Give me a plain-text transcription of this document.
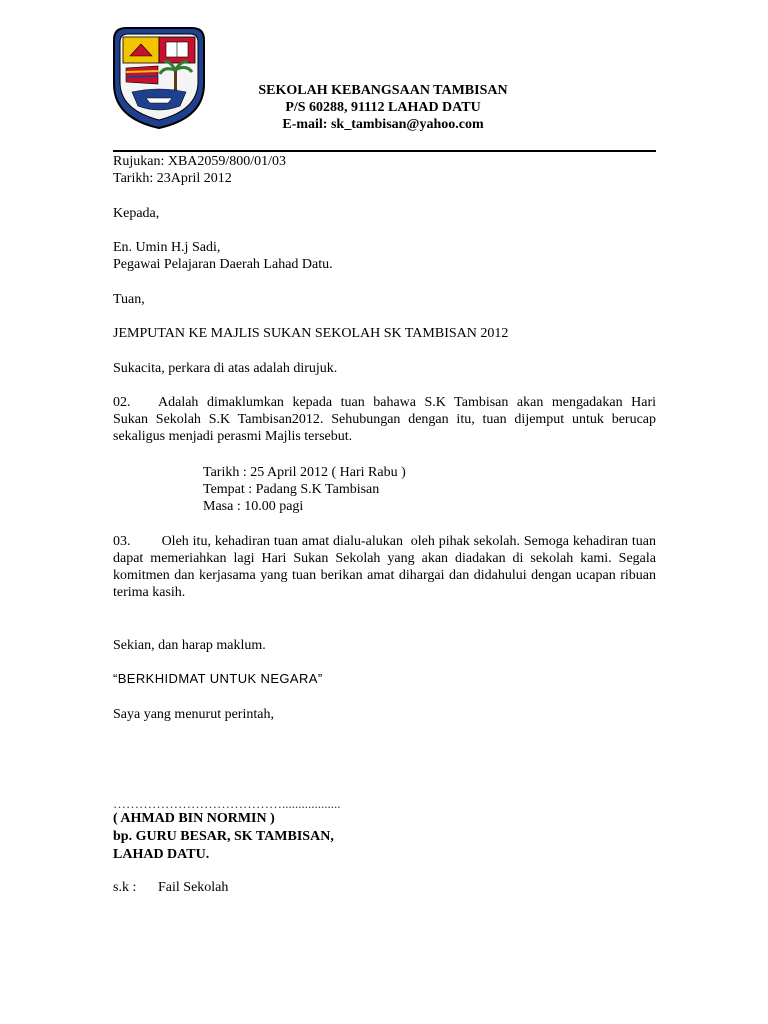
SEKOLAH KEBANGSAAN TAMBISAN
P/S 60288, 91112 LAHAD DATU
E-mail: sk_tambisan@yahoo.com
Rujukan: XBA2059/800/01/03
Tarikh: 23April 2012
Kepada,
En. Umin H.j Sadi,
Pegawai Pelajaran Daerah Lahad Datu.
Tuan,
JEMPUTAN KE MAJLIS SUKAN SEKOLAH SK TAMBISAN 2012
Sukacita, perkara di atas adalah dirujuk.
02. Adalah dimaklumkan kepada tuan bahawa S.K Tambisan akan mengadakan Hari
Sukan Sekolah S.K Tambisan2012. Sehubungan dengan itu, tuan dijemput untuk berucap sekaligus menjadi perasmi Majlis tersebut.
Tarikh : 25 April 2012 ( Hari Rabu )
Tempat : Padang S.K Tambisan
Masa : 10.00 pagi
03.        Oleh itu, kehadiran tuan amat dialu-alukan  oleh pihak sekolah. Semoga kehadiran tuan dapat memeriahkan lagi Hari Sukan Sekolah yang akan diadakan di sekolah kami. Segala komitmen dan kerjasama yang tuan berikan amat dihargai dan didahului dengan ucapan ribuan terima kasih.
Sekian, dan harap maklum.
“BERKHIDMAT UNTUK NEGARA”
Saya yang menurut perintah,
…………………………………..................
( AHMAD BIN NORMIN )
bp. GURU BESAR, SK TAMBISAN,
LAHAD DATU.
s.k : Fail Sekolah
